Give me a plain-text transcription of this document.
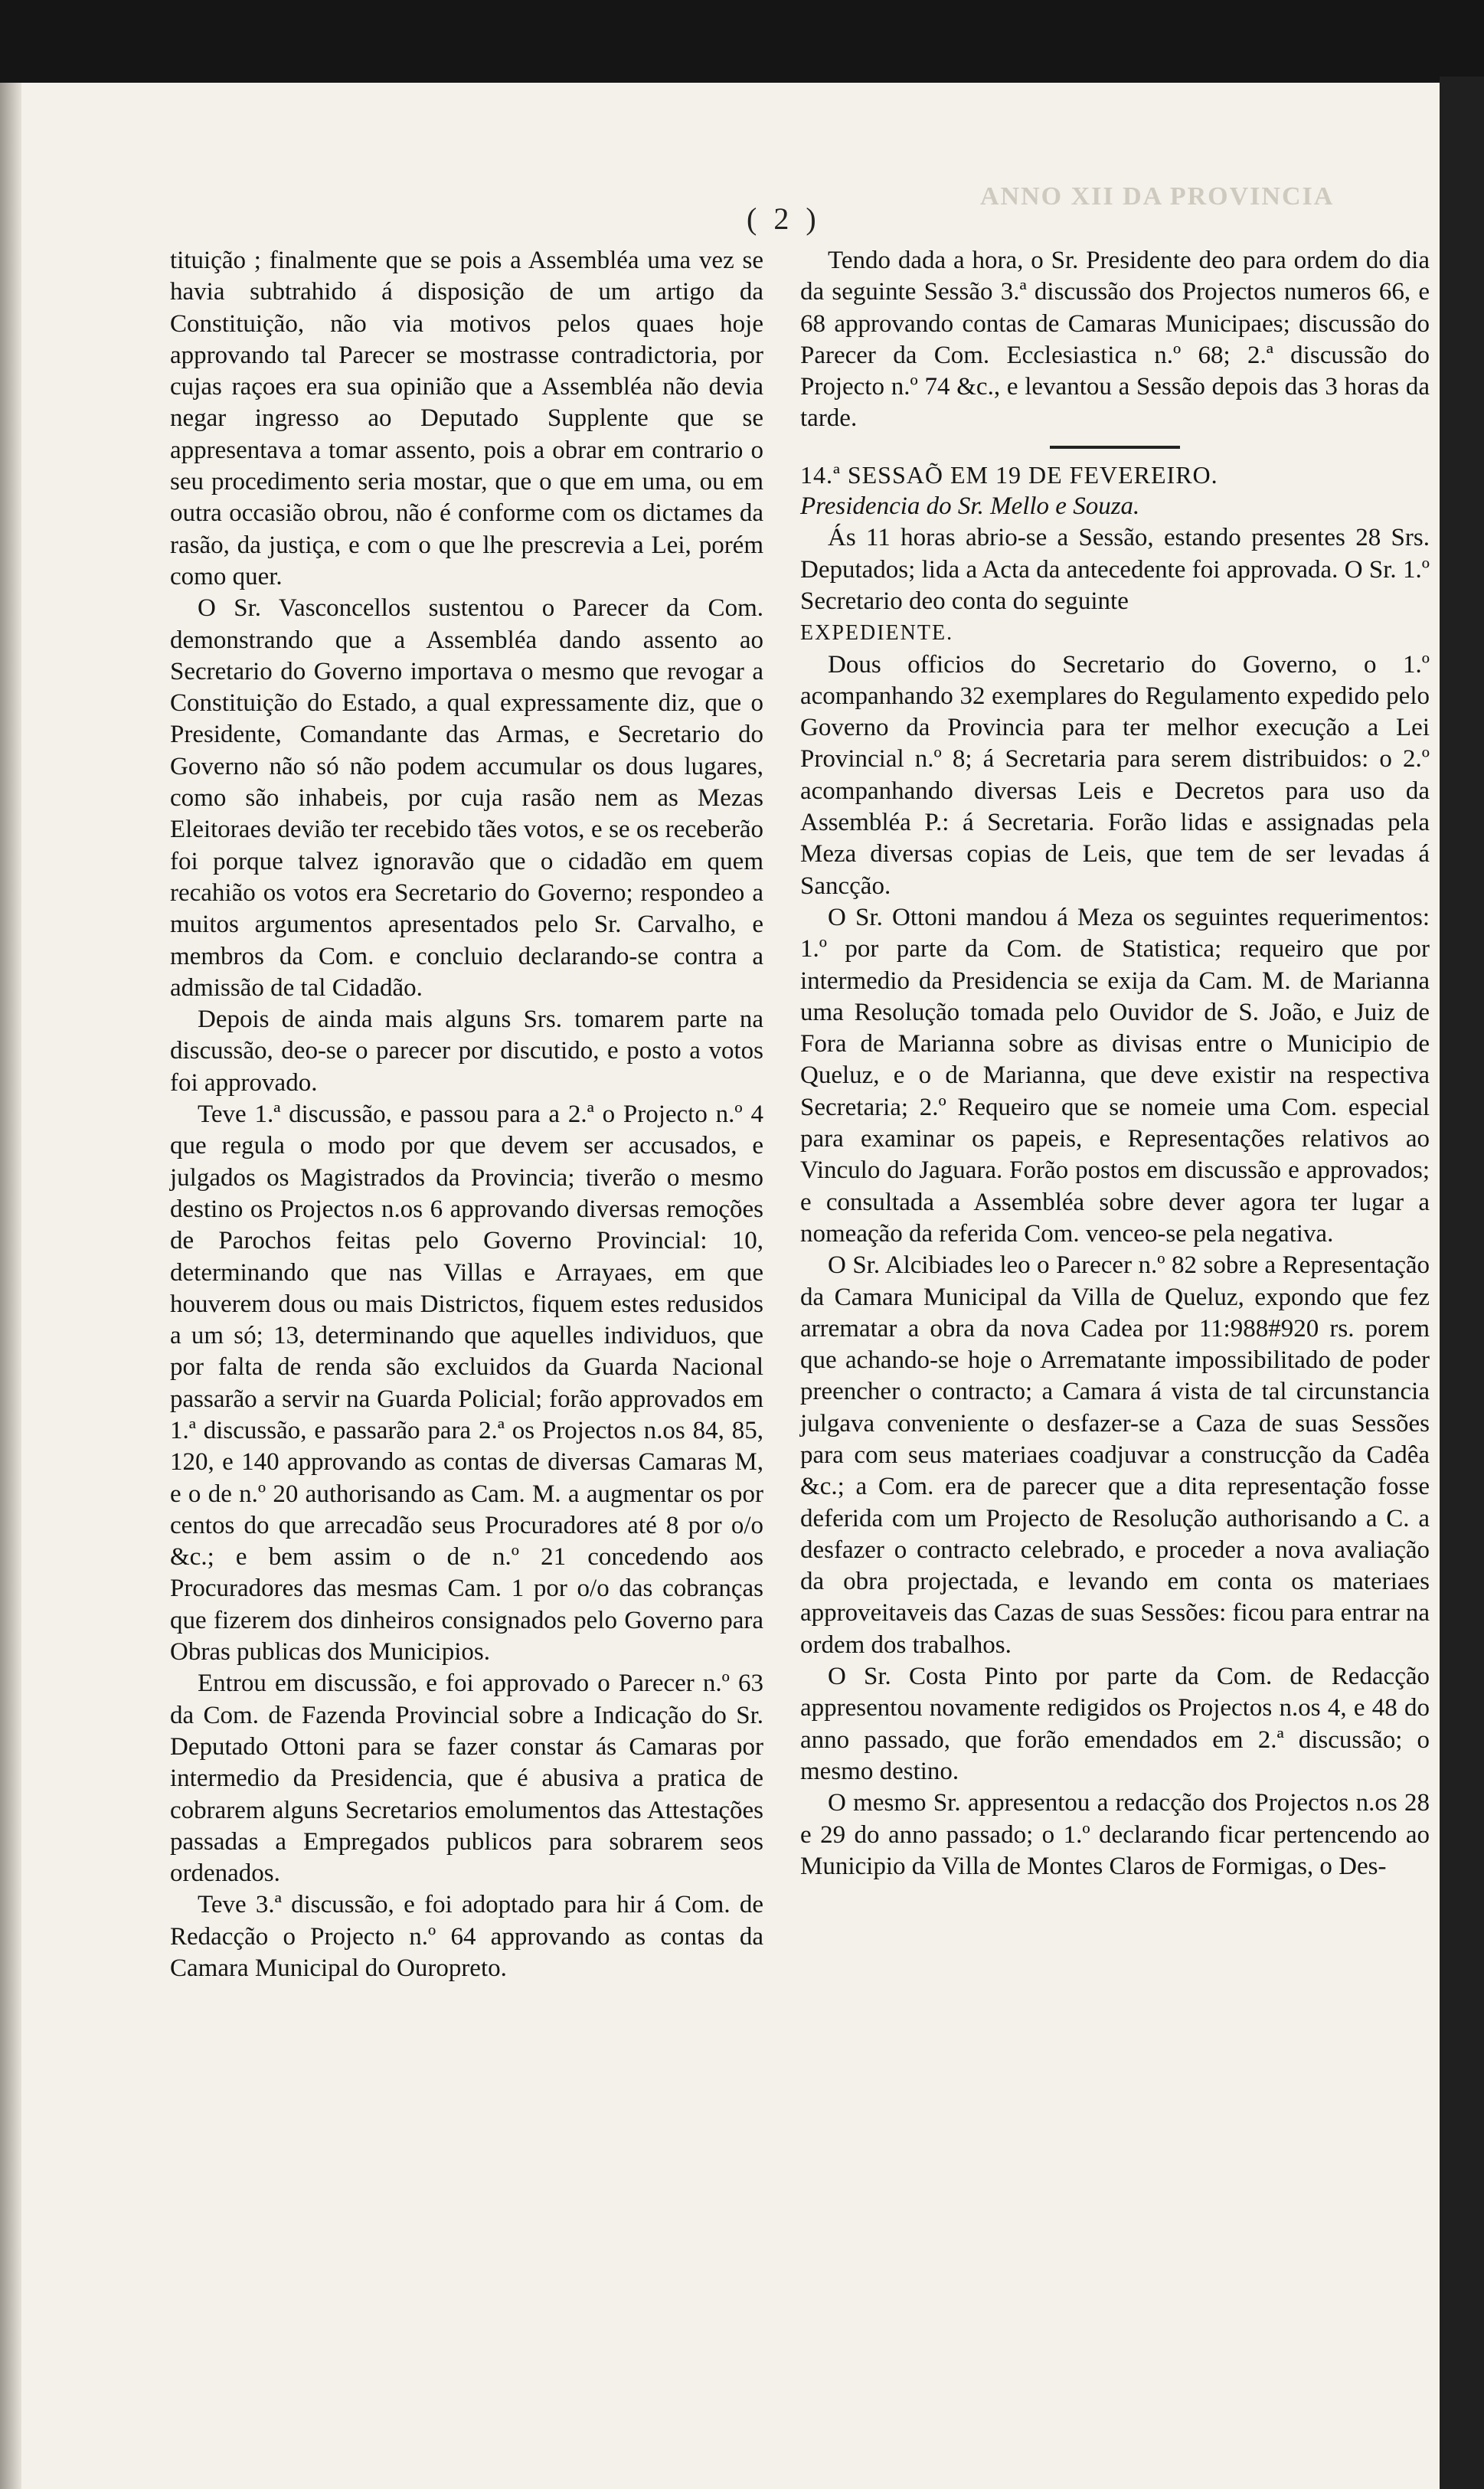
ANNO XII DA PROVINCIA
( 2 )

tituição ; finalmente que se pois a Assembléa uma vez se havia subtrahido á disposição de um artigo da Constituição, não via motivos pelos quaes hoje approvando tal Parecer se mostrasse contradictoria, por cujas raçoes era sua opinião que a Assembléa não devia negar ingresso ao Deputado Supplente que se appresentava a tomar assento, pois a obrar em contrario o seu procedimento seria mostar, que o que em uma, ou em outra occasião obrou, não é conforme com os dictames da rasão, da justiça, e com o que lhe prescrevia a Lei, porém como quer.

O Sr. Vasconcellos sustentou o Parecer da Com. demonstrando que a Assembléa dando assento ao Secretario do Governo importava o mesmo que revogar a Constituição do Estado, a qual expressamente diz, que o Presidente, Comandante das Armas, e Secretario do Governo não só não podem accumular os dous lugares, como são inhabeis, por cuja rasão nem as Mezas Eleitoraes devião ter recebido tães votos, e se os receberão foi porque talvez ignoravão que o cidadão em quem recahião os votos era Secretario do Governo; respondeo a muitos argumentos apresentados pelo Sr. Carvalho, e membros da Com. e concluio declarando-se contra a admissão de tal Cidadão.

Depois de ainda mais alguns Srs. tomarem parte na discussão, deo-se o parecer por discutido, e posto a votos foi approvado.

Teve 1.ª discussão, e passou para a 2.ª o Projecto n.º 4 que regula o modo por que devem ser accusados, e julgados os Magistrados da Provincia; tiverão o mesmo destino os Projectos n.os 6 approvando diversas remoções de Parochos feitas pelo Governo Provincial: 10, determinando que nas Villas e Arrayaes, em que houverem dous ou mais Districtos, fiquem estes redusidos a um só; 13, determinando que aquelles individuos, que por falta de renda são excluidos da Guarda Nacional passarão a servir na Guarda Policial; forão approvados em 1.ª discussão, e passarão para 2.ª os Projectos n.os 84, 85, 120, e 140 approvando as contas de diversas Camaras M, e o de n.º 20 authorisando as Cam. M. a augmentar os por centos do que arrecadão seus Procuradores até 8 por o/o &c.; e bem assim o de n.º 21 concedendo aos Procuradores das mesmas Cam. 1 por o/o das cobranças que fizerem dos dinheiros consignados pelo Governo para Obras publicas dos Municipios.

Entrou em discussão, e foi approvado o Parecer n.º 63 da Com. de Fazenda Provincial sobre a Indicação do Sr. Deputado Ottoni para se fazer constar ás Camaras por intermedio da Presidencia, que é abusiva a pratica de cobrarem alguns Secretarios emolumentos das Attestações passadas a Empregados publicos para sobrarem seos ordenados.

Teve 3.ª discussão, e foi adoptado para hir á Com. de Redacção o Projecto n.º 64 approvando as contas da Camara Municipal do Ouropreto.

Tendo dada a hora, o Sr. Presidente deo para ordem do dia da seguinte Sessão 3.ª discussão dos Projectos numeros 66, e 68 approvando contas de Camaras Municipaes; discussão do Parecer da Com. Ecclesiastica n.º 68; 2.ª discussão do Projecto n.º 74 &c., e levantou a Sessão depois das 3 horas da tarde.

14.ª SESSAÕ EM 19 DE FEVEREIRO.

Presidencia do Sr. Mello e Souza.

Ás 11 horas abrio-se a Sessão, estando presentes 28 Srs. Deputados; lida a Acta da antecedente foi approvada. O Sr. 1.º Secretario deo conta do seguinte

EXPEDIENTE.

Dous officios do Secretario do Governo, o 1.º acompanhando 32 exemplares do Regulamento expedido pelo Governo da Provincia para ter melhor execução a Lei Provincial n.º 8; á Secretaria para serem distribuidos: o 2.º acompanhando diversas Leis e Decretos para uso da Assembléa P.: á Secretaria. Forão lidas e assignadas pela Meza diversas copias de Leis, que tem de ser levadas á Sancção.

O Sr. Ottoni mandou á Meza os seguintes requerimentos: 1.º por parte da Com. de Statistica; requeiro que por intermedio da Presidencia se exija da Cam. M. de Marianna uma Resolução tomada pelo Ouvidor de S. João, e Juiz de Fora de Marianna sobre as divisas entre o Municipio de Queluz, e o de Marianna, que deve existir na respectiva Secretaria; 2.º Requeiro que se nomeie uma Com. especial para examinar os papeis, e Representações relativos ao Vinculo do Jaguara. Forão postos em discussão e approvados; e consultada a Assembléa sobre dever agora ter lugar a nomeação da referida Com. venceo-se pela negativa.

O Sr. Alcibiades leo o Parecer n.º 82 sobre a Representação da Camara Municipal da Villa de Queluz, expondo que fez arrematar a obra da nova Cadea por 11:988#920 rs. porem que achando-se hoje o Arrematante impossibilitado de poder preencher o contracto; a Camara á vista de tal circunstancia julgava conveniente o desfazer-se a Caza de suas Sessões para com seus materiaes coadjuvar a construcção da Cadêa &c.; a Com. era de parecer que a dita representação fosse deferida com um Projecto de Resolução authorisando a C. a desfazer o contracto celebrado, e proceder a nova avaliação da obra projectada, e levando em conta os materiaes approveitaveis das Cazas de suas Sessões: ficou para entrar na ordem dos trabalhos.

O Sr. Costa Pinto por parte da Com. de Redacção appresentou novamente redigidos os Projectos n.os 4, e 48 do anno passado, que forão emendados em 2.ª discussão; o mesmo destino.

O mesmo Sr. appresentou a redacção dos Projectos n.os 28 e 29 do anno passado; o 1.º declarando ficar pertencendo ao Municipio da Villa de Montes Claros de Formigas, o Des-
